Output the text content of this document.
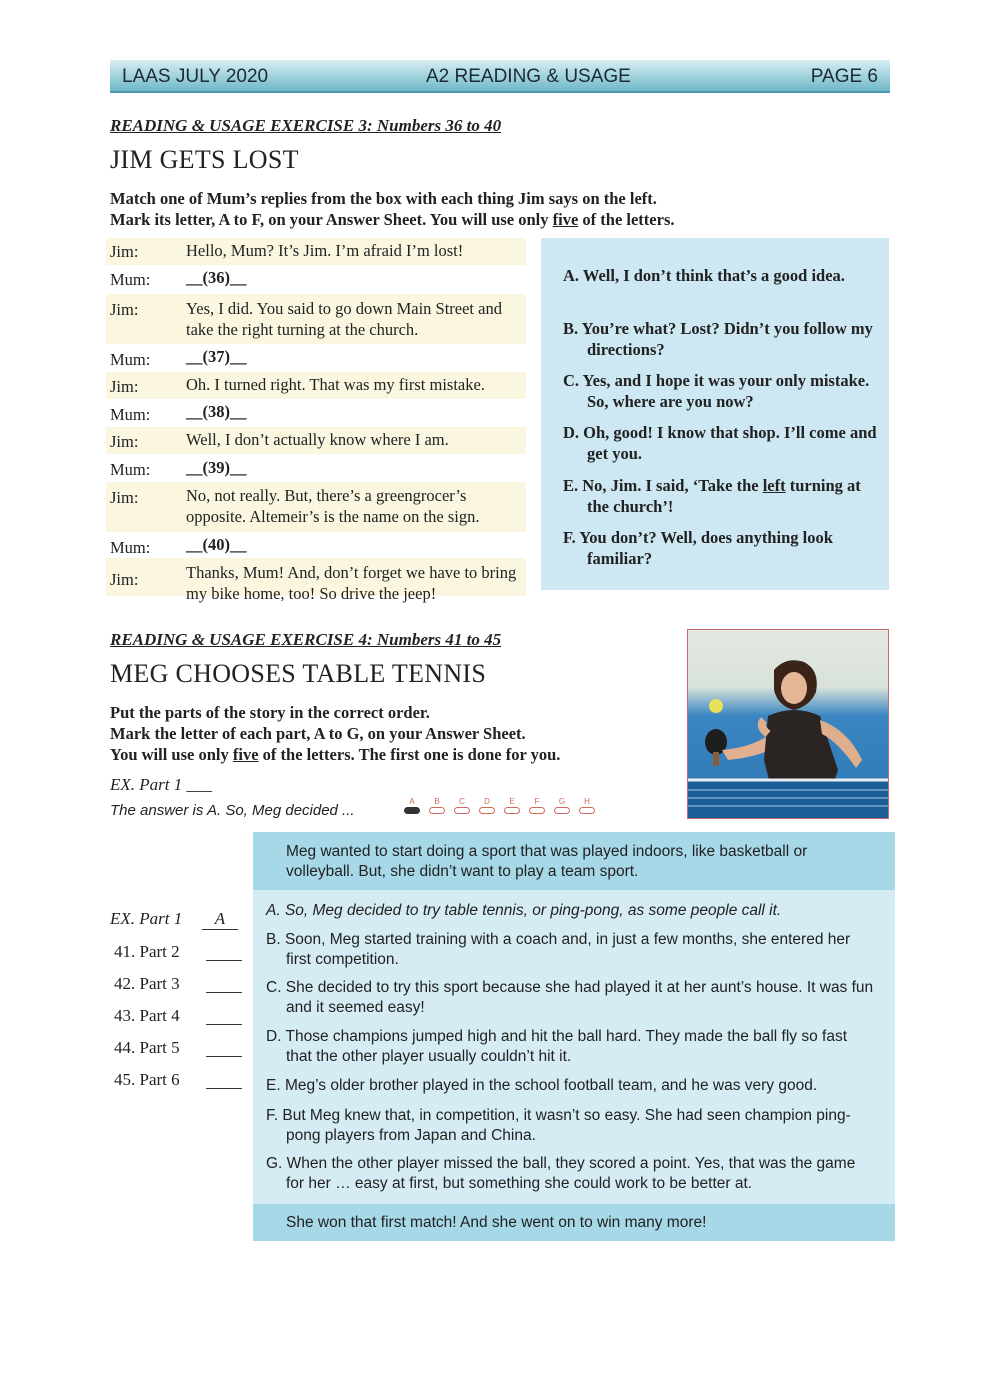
LAAS JULY 2020	A2 READING & USAGE	PAGE 6
READING & USAGE EXERCISE 3: Numbers 36 to 40
JIM GETS LOST
Match one of Mum’s replies from the box with each thing Jim says on the left.
Mark its letter, A to F, on your Answer Sheet. You will use only five of the letters.
Jim:	Hello, Mum? It’s Jim. I’m afraid I’m lost!
Mum: __(36)__
Jim:	Yes, I did. You said to go down Main Street and take the right turning at the church.
Mum: __(37)__
Jim:	Oh. I turned right. That was my first mistake.
Mum: __(38)__
Jim:	Well, I don’t actually know where I am.
Mum: __(39)__
Jim:	No, not really. But, there’s a greengrocer’s opposite. Altemeir’s is the name on the sign.
Mum: __(40)__
Jim:	Thanks, Mum! And, don’t forget we have to bring my bike home, too! So drive the jeep!
A. Well, I don’t think that’s a good idea.
B. You’re what? Lost? Didn’t you follow my directions?
C. Yes, and I hope it was your only mistake. So, where are you now?
D. Oh, good! I know that shop. I’ll come and get you.
E. No, Jim. I said, ‘Take the left turning at the church’!
F. You don’t? Well, does anything look familiar?
READING & USAGE EXERCISE 4: Numbers 41 to 45
MEG CHOOSES TABLE TENNIS
Put the parts of the story in the correct order.
Mark the letter of each part, A to G, on your Answer Sheet.
You will use only five of the letters. The first one is done for you.
EX. Part 1 ___
The answer is A. So, Meg decided ...
A	B	C	D	E	F	G	H
Meg wanted to start doing a sport that was played indoors, like basketball or volleyball. But, she didn’t want to play a team sport.
A. So, Meg decided to try table tennis, or ping-pong, as some people call it.
B. Soon, Meg started training with a coach and, in just a few months, she entered her first competition.
C. She decided to try this sport because she had played it at her aunt’s house. It was fun and it seemed easy!
D. Those champions jumped high and hit the ball hard. They made the ball fly so fast that the other player usually couldn’t hit it.
E. Meg’s older brother played in the school football team, and he was very good.
F. But Meg knew that, in competition, it wasn’t so easy. She had seen champion ping-pong players from Japan and China.
G. When the other player missed the ball, they scored a point. Yes, that was the game for her … easy at first, but something she could work to be better at.
She won that first match! And she went on to win many more!
EX. Part 1	A
41. Part 2
42. Part 3
43. Part 4
44. Part 5
45. Part 6
